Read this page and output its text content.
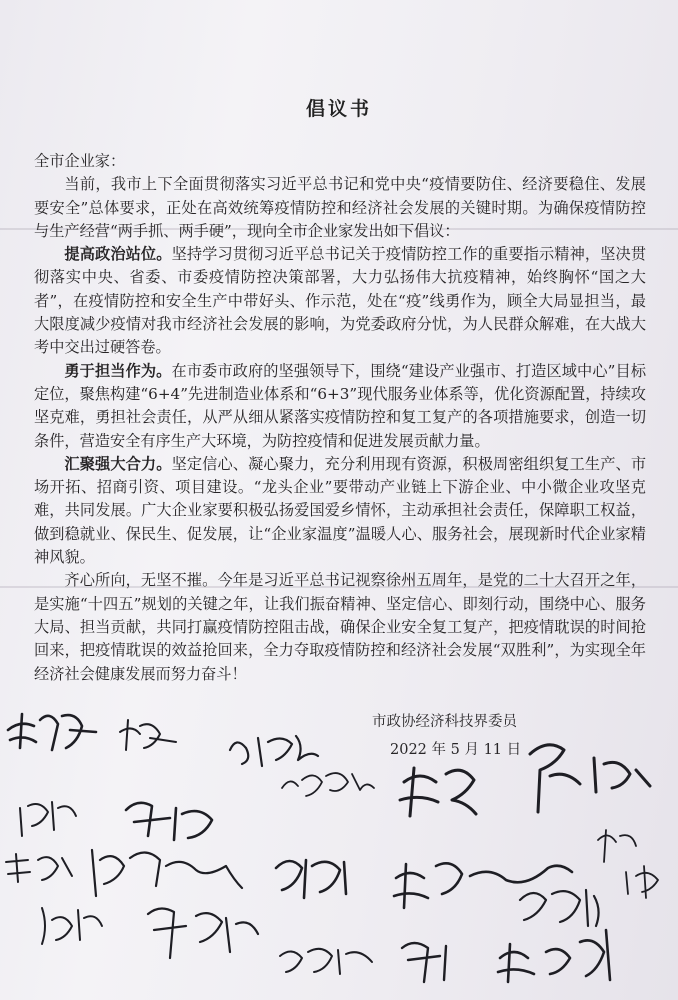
倡议书

全市企业家：

当前，我市上下全面贯彻落实习近平总书记和党中央“疫情要防住、经济要稳住、发展要安全”总体要求，正处在高效统筹疫情防控和经济社会发展的关键时期。为确保疫情防控与生产经营“两手抓、两手硬”，现向全市企业家发出如下倡议：

提高政治站位。坚持学习贯彻习近平总书记关于疫情防控工作的重要指示精神，坚决贯彻落实中央、省委、市委疫情防控决策部署，大力弘扬伟大抗疫精神，始终胸怀“国之大者”，在疫情防控和安全生产中带好头、作示范，处在“疫”线勇作为，顾全大局显担当，最大限度减少疫情对我市经济社会发展的影响，为党委政府分忧，为人民群众解难，在大战大考中交出过硬答卷。

勇于担当作为。在市委市政府的坚强领导下，围绕“建设产业强市、打造区域中心”目标定位，聚焦构建“6+4”先进制造业体系和“6+3”现代服务业体系等，优化资源配置，持续攻坚克难，勇担社会责任，从严从细从紧落实疫情防控和复工复产的各项措施要求，创造一切条件，营造安全有序生产大环境，为防控疫情和促进发展贡献力量。

汇聚强大合力。坚定信心、凝心聚力，充分利用现有资源，积极周密组织复工生产、市场开拓、招商引资、项目建设。“龙头企业”要带动产业链上下游企业、中小微企业攻坚克难，共同发展。广大企业家要积极弘扬爱国爱乡情怀，主动承担社会责任，保障职工权益，做到稳就业、保民生、促发展，让“企业家温度”温暖人心、服务社会，展现新时代企业家精神风貌。

齐心所向，无坚不摧。今年是习近平总书记视察徐州五周年，是党的二十大召开之年，是实施“十四五”规划的关键之年，让我们振奋精神、坚定信心、即刻行动，围绕中心、服务大局、担当贡献，共同打赢疫情防控阻击战，确保企业安全复工复产，把疫情耽误的时间抢回来，把疫情耽误的效益抢回来，全力夺取疫情防控和经济社会发展“双胜利”，为实现全年经济社会健康发展而努力奋斗！

市政协经济科技界委员
2022 年 5 月 11 日
